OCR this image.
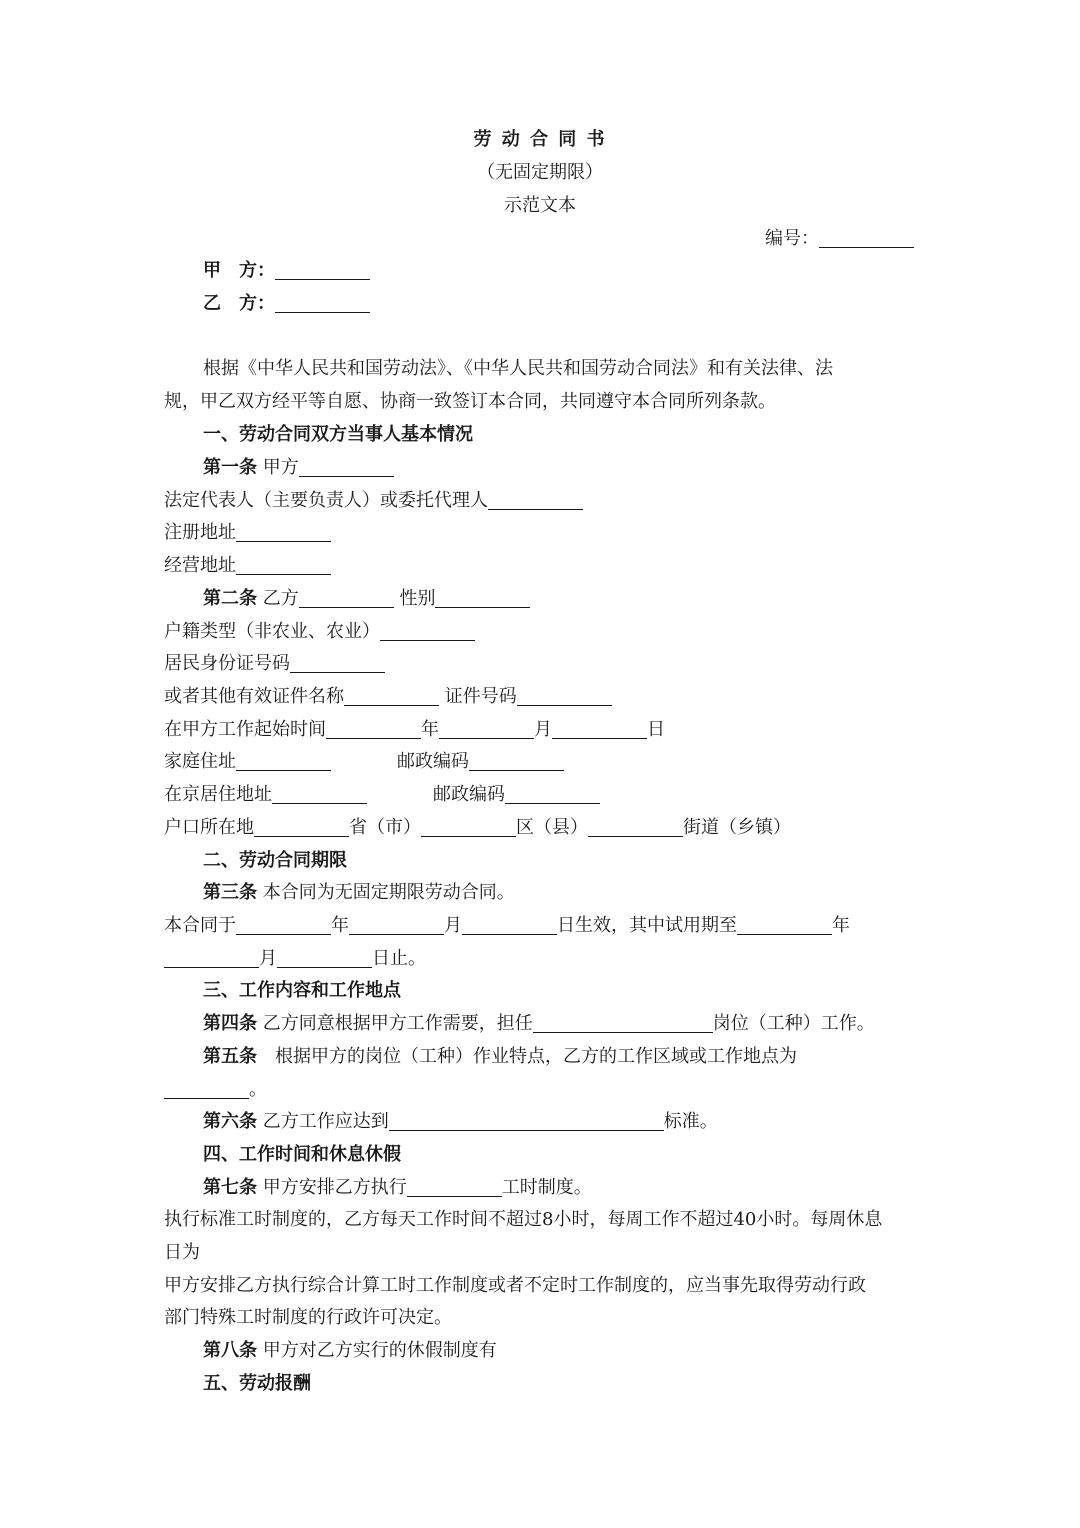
劳 动 合 同 书
（无固定期限）
示范文本
编号：
甲　方：
乙　方：
根据《中华人民共和国劳动法》、《中华人民共和国劳动合同法》和有关法律、法
规，甲乙双方经平等自愿、协商一致签订本合同，共同遵守本合同所列条款。
一、劳动合同双方当事人基本情况
第一条 甲方
法定代表人（主要负责人）或委托代理人
注册地址
经营地址
第二条 乙方	性别
户籍类型（非农业、农业）
居民身份证号码
或者其他有效证件名称	证件号码
在甲方工作起始时间	年	月	日
家庭住址	邮政编码
在京居住地址	邮政编码
户口所在地	省（市）	区（县）	街道（乡镇）
二、劳动合同期限
第三条 本合同为无固定期限劳动合同。
本合同于	年	月	日生效，其中试用期至	年
月	日止。
三、工作内容和工作地点
第四条 乙方同意根据甲方工作需要，担任	岗位（工种）工作。
第五条　根据甲方的岗位（工种）作业特点，乙方的工作区域或工作地点为
。
第六条 乙方工作应达到	标准。
四、工作时间和休息休假
第七条 甲方安排乙方执行	工时制度。
执行标准工时制度的，乙方每天工作时间不超过8小时，每周工作不超过40小时。每周休息
日为
甲方安排乙方执行综合计算工时工作制度或者不定时工作制度的，应当事先取得劳动行政
部门特殊工时制度的行政许可决定。
第八条 甲方对乙方实行的休假制度有
五、劳动报酬
